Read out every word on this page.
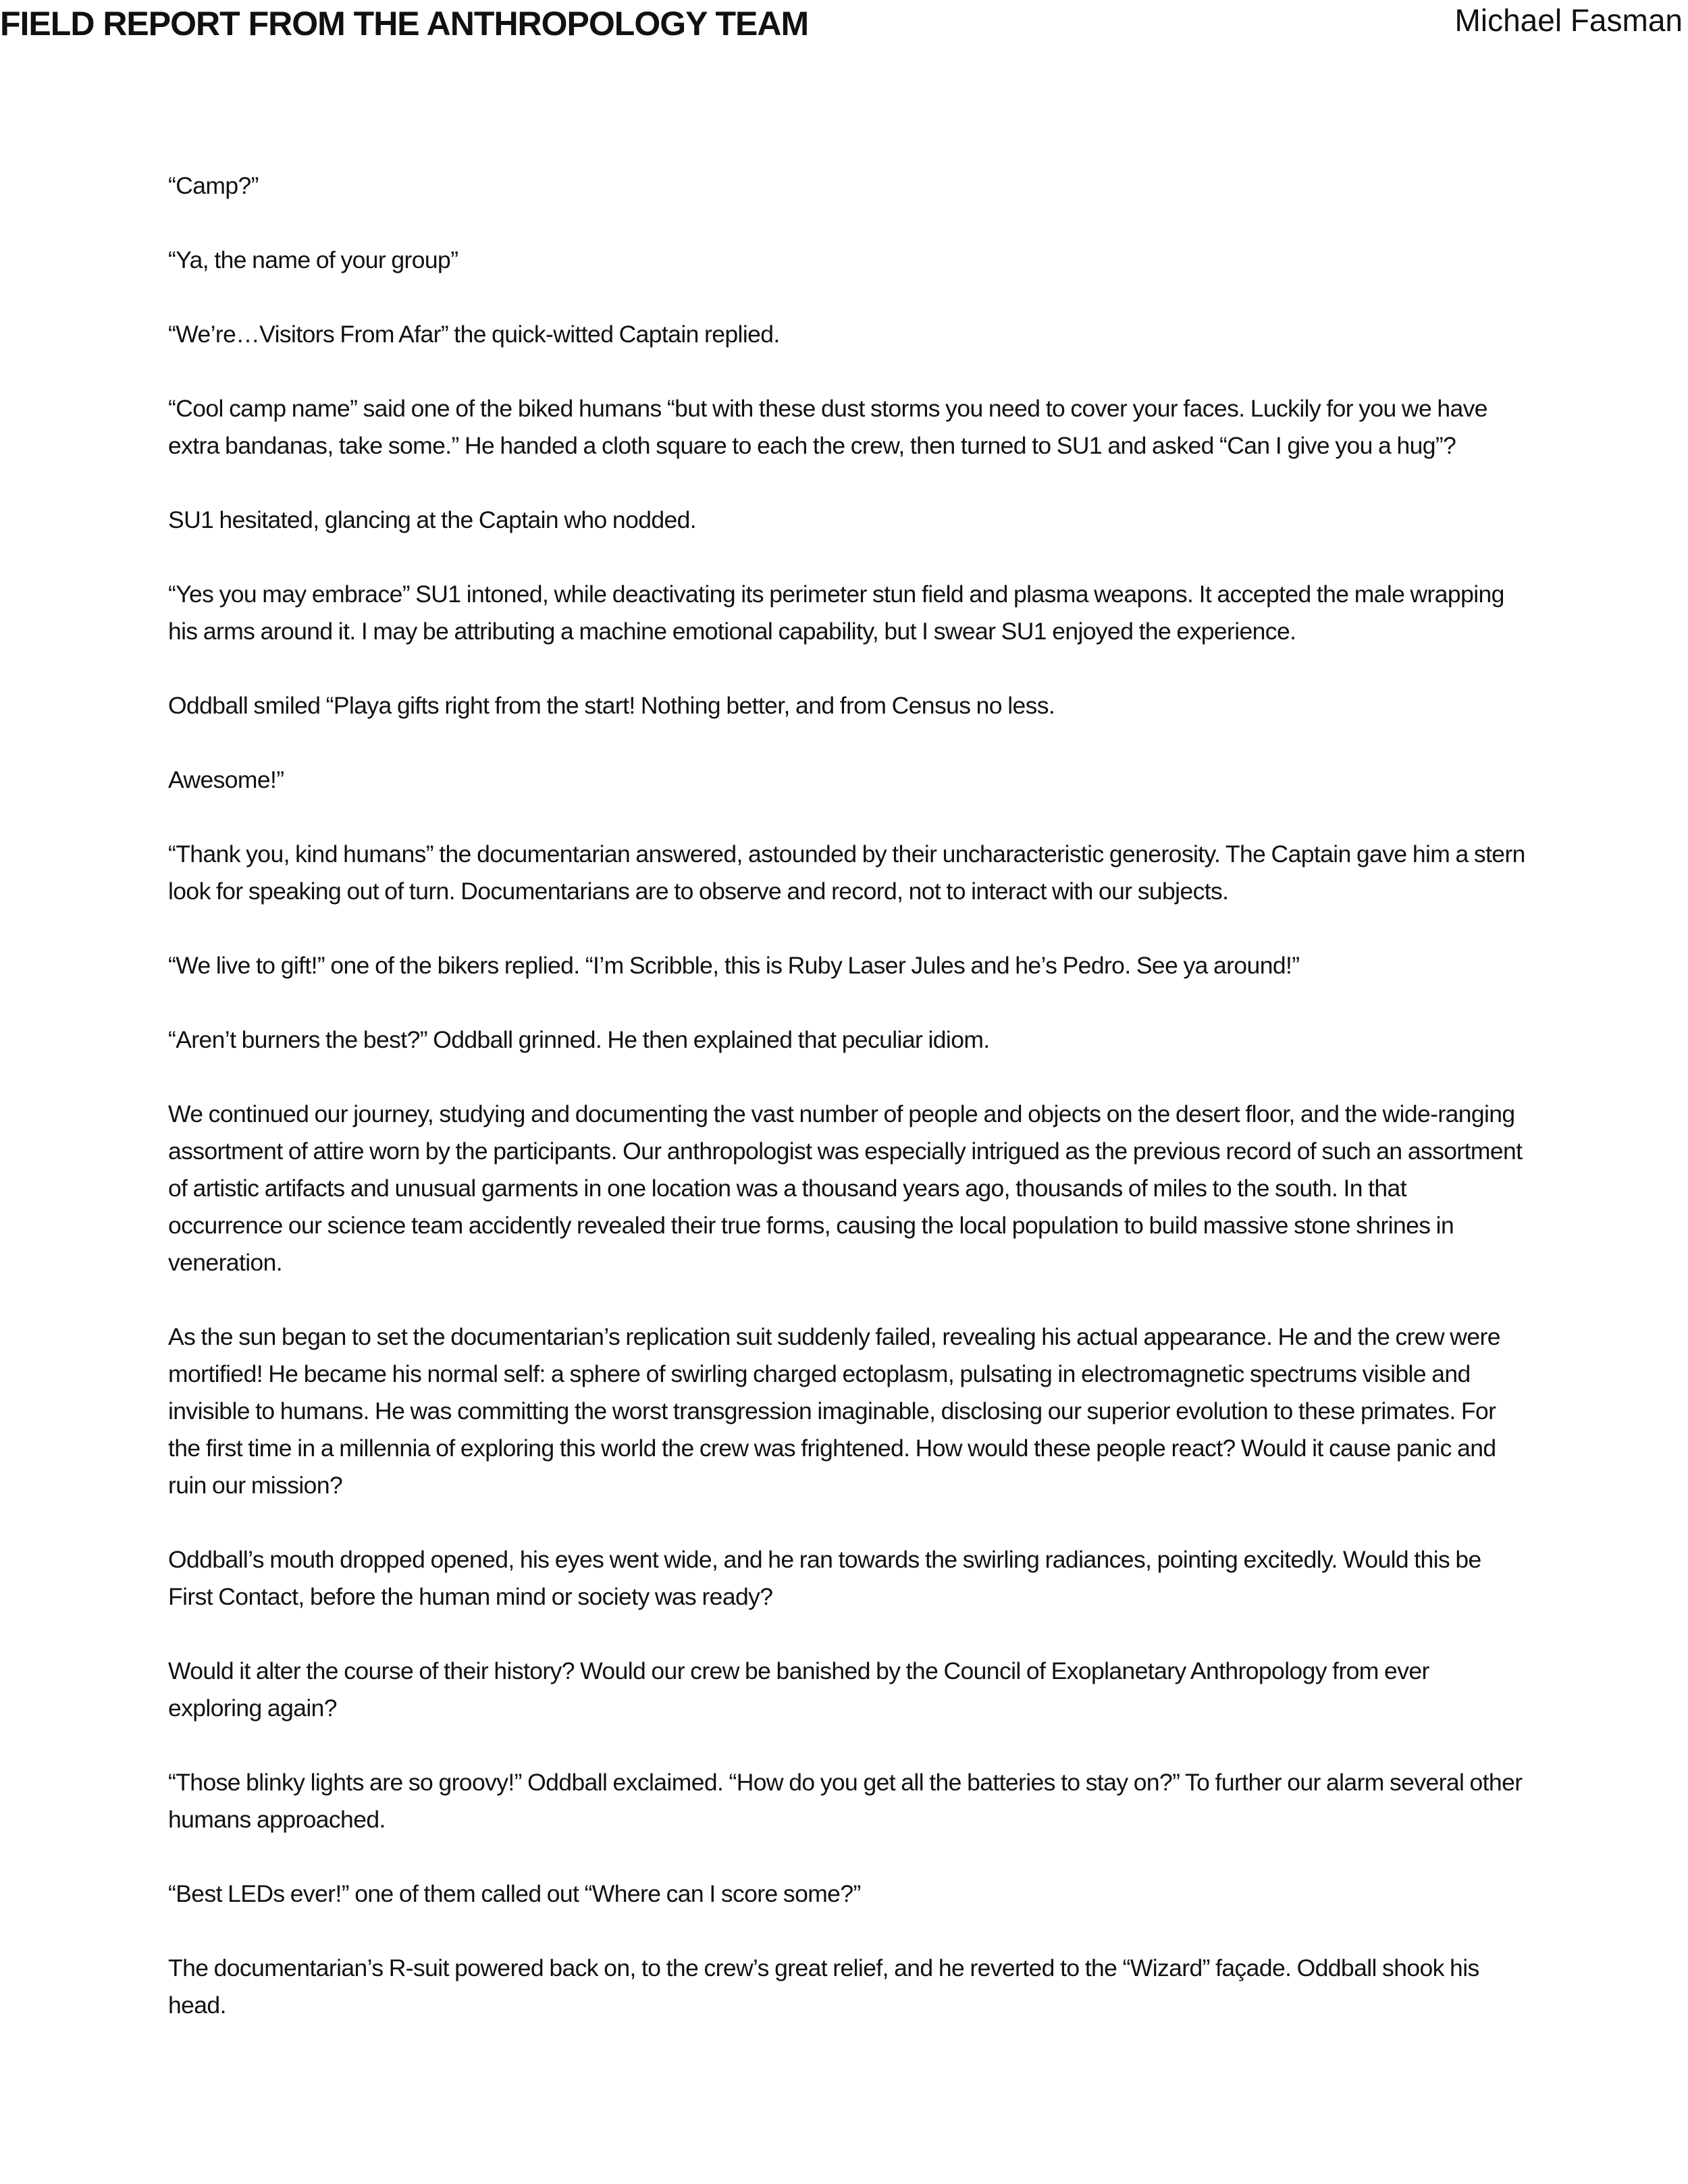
FIELD REPORT FROM THE ANTHROPOLOGY TEAM	Michael Fasman

“Camp?”

“Ya, the name of your group”

“We’re…Visitors From Afar” the quick-witted Captain replied.

“Cool camp name” said one of the biked humans “but with these dust storms you need to cover your faces. Luckily for you we have extra bandanas, take some.” He handed a cloth square to each the crew, then turned to SU1 and asked “Can I give you a hug”?

SU1 hesitated, glancing at the Captain who nodded.

“Yes you may embrace” SU1 intoned, while deactivating its perimeter stun field and plasma weapons. It accepted the male wrapping his arms around it. I may be attributing a machine emotional capability, but I swear SU1 enjoyed the experience.

Oddball smiled “Playa gifts right from the start! Nothing better, and from Census no less.

Awesome!”

“Thank you, kind humans” the documentarian answered, astounded by their uncharacteristic generosity. The Captain gave him a stern look for speaking out of turn. Documentarians are to observe and record, not to interact with our subjects.

“We live to gift!” one of the bikers replied. “I’m Scribble, this is Ruby Laser Jules and he’s Pedro. See ya around!”

“Aren’t burners the best?” Oddball grinned. He then explained that peculiar idiom.

We continued our journey, studying and documenting the vast number of people and objects on the desert floor, and the wide-ranging assortment of attire worn by the participants. Our anthropologist was especially intrigued as the previous record of such an assortment of artistic artifacts and unusual garments in one location was a thousand years ago, thousands of miles to the south. In that occurrence our science team accidently revealed their true forms, causing the local population to build massive stone shrines in veneration.

As the sun began to set the documentarian’s replication suit suddenly failed, revealing his actual appearance. He and the crew were mortified! He became his normal self: a sphere of swirling charged ectoplasm, pulsating in electromagnetic spectrums visible and invisible to humans. He was committing the worst transgression imaginable, disclosing our superior evolution to these primates. For the first time in a millennia of exploring this world the crew was frightened. How would these people react? Would it cause panic and ruin our mission?

Oddball’s mouth dropped opened, his eyes went wide, and he ran towards the swirling radiances, pointing excitedly. Would this be First Contact, before the human mind or society was ready?

Would it alter the course of their history? Would our crew be banished by the Council of Exoplanetary Anthropology from ever exploring again?

“Those blinky lights are so groovy!” Oddball exclaimed. “How do you get all the batteries to stay on?” To further our alarm several other humans approached.

“Best LEDs ever!” one of them called out “Where can I score some?”

The documentarian’s R-suit powered back on, to the crew’s great relief, and he reverted to the “Wizard” façade. Oddball shook his head.
